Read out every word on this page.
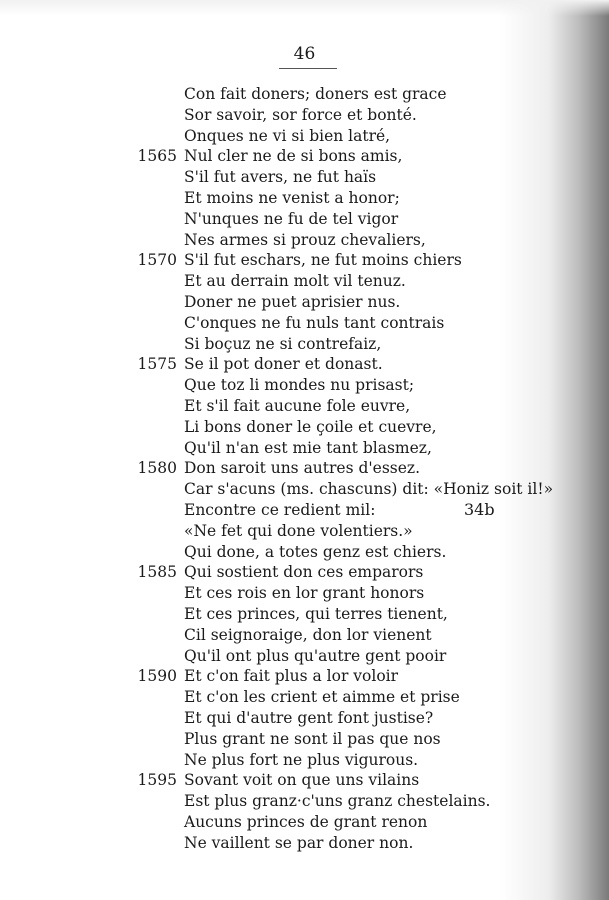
46
Con fait doners; doners est grace
Sor savoir, sor force et bonté.
Onques ne vi si bien latré,
1565 Nul cler ne de si bons amis,
S'il fut avers, ne fut haïs
Et moins ne venist a honor;
N'unques ne fu de tel vigor
Nes armes si prouz chevaliers,
1570 S'il fut eschars, ne fut moins chiers
Et au derrain molt vil tenuz.
Doner ne puet aprisier nus.
C'onques ne fu nuls tant contrais
Si boçuz ne si contrefaiz,
1575 Se il pot doner et donast.
Que toz li mondes nu prisast;
Et s'il fait aucune fole euvre,
Li bons doner le çoile et cuevre,
Qu'il n'an est mie tant blasmez,
1580 Don saroit uns autres d'essez.
Car s'acuns (ms. chascuns) dit: «Honiz soit il!»
Encontre ce redient mil:	34b
«Ne fet qui done volentiers.»
Qui done, a totes genz est chiers.
1585 Qui sostient don ces emparors
Et ces rois en lor grant honors
Et ces princes, qui terres tienent,
Cil seignoraige, don lor vienent
Qu'il ont plus qu'autre gent pooir
1590 Et c'on fait plus a lor voloir
Et c'on les crient et aimme et prise
Et qui d'autre gent font justise?
Plus grant ne sont il pas que nos
Ne plus fort ne plus vigurous.
1595 Sovant voit on que uns vilains
Est plus granz·c'uns granz chestelains.
Aucuns princes de grant renon
Ne vaillent se par doner non.
